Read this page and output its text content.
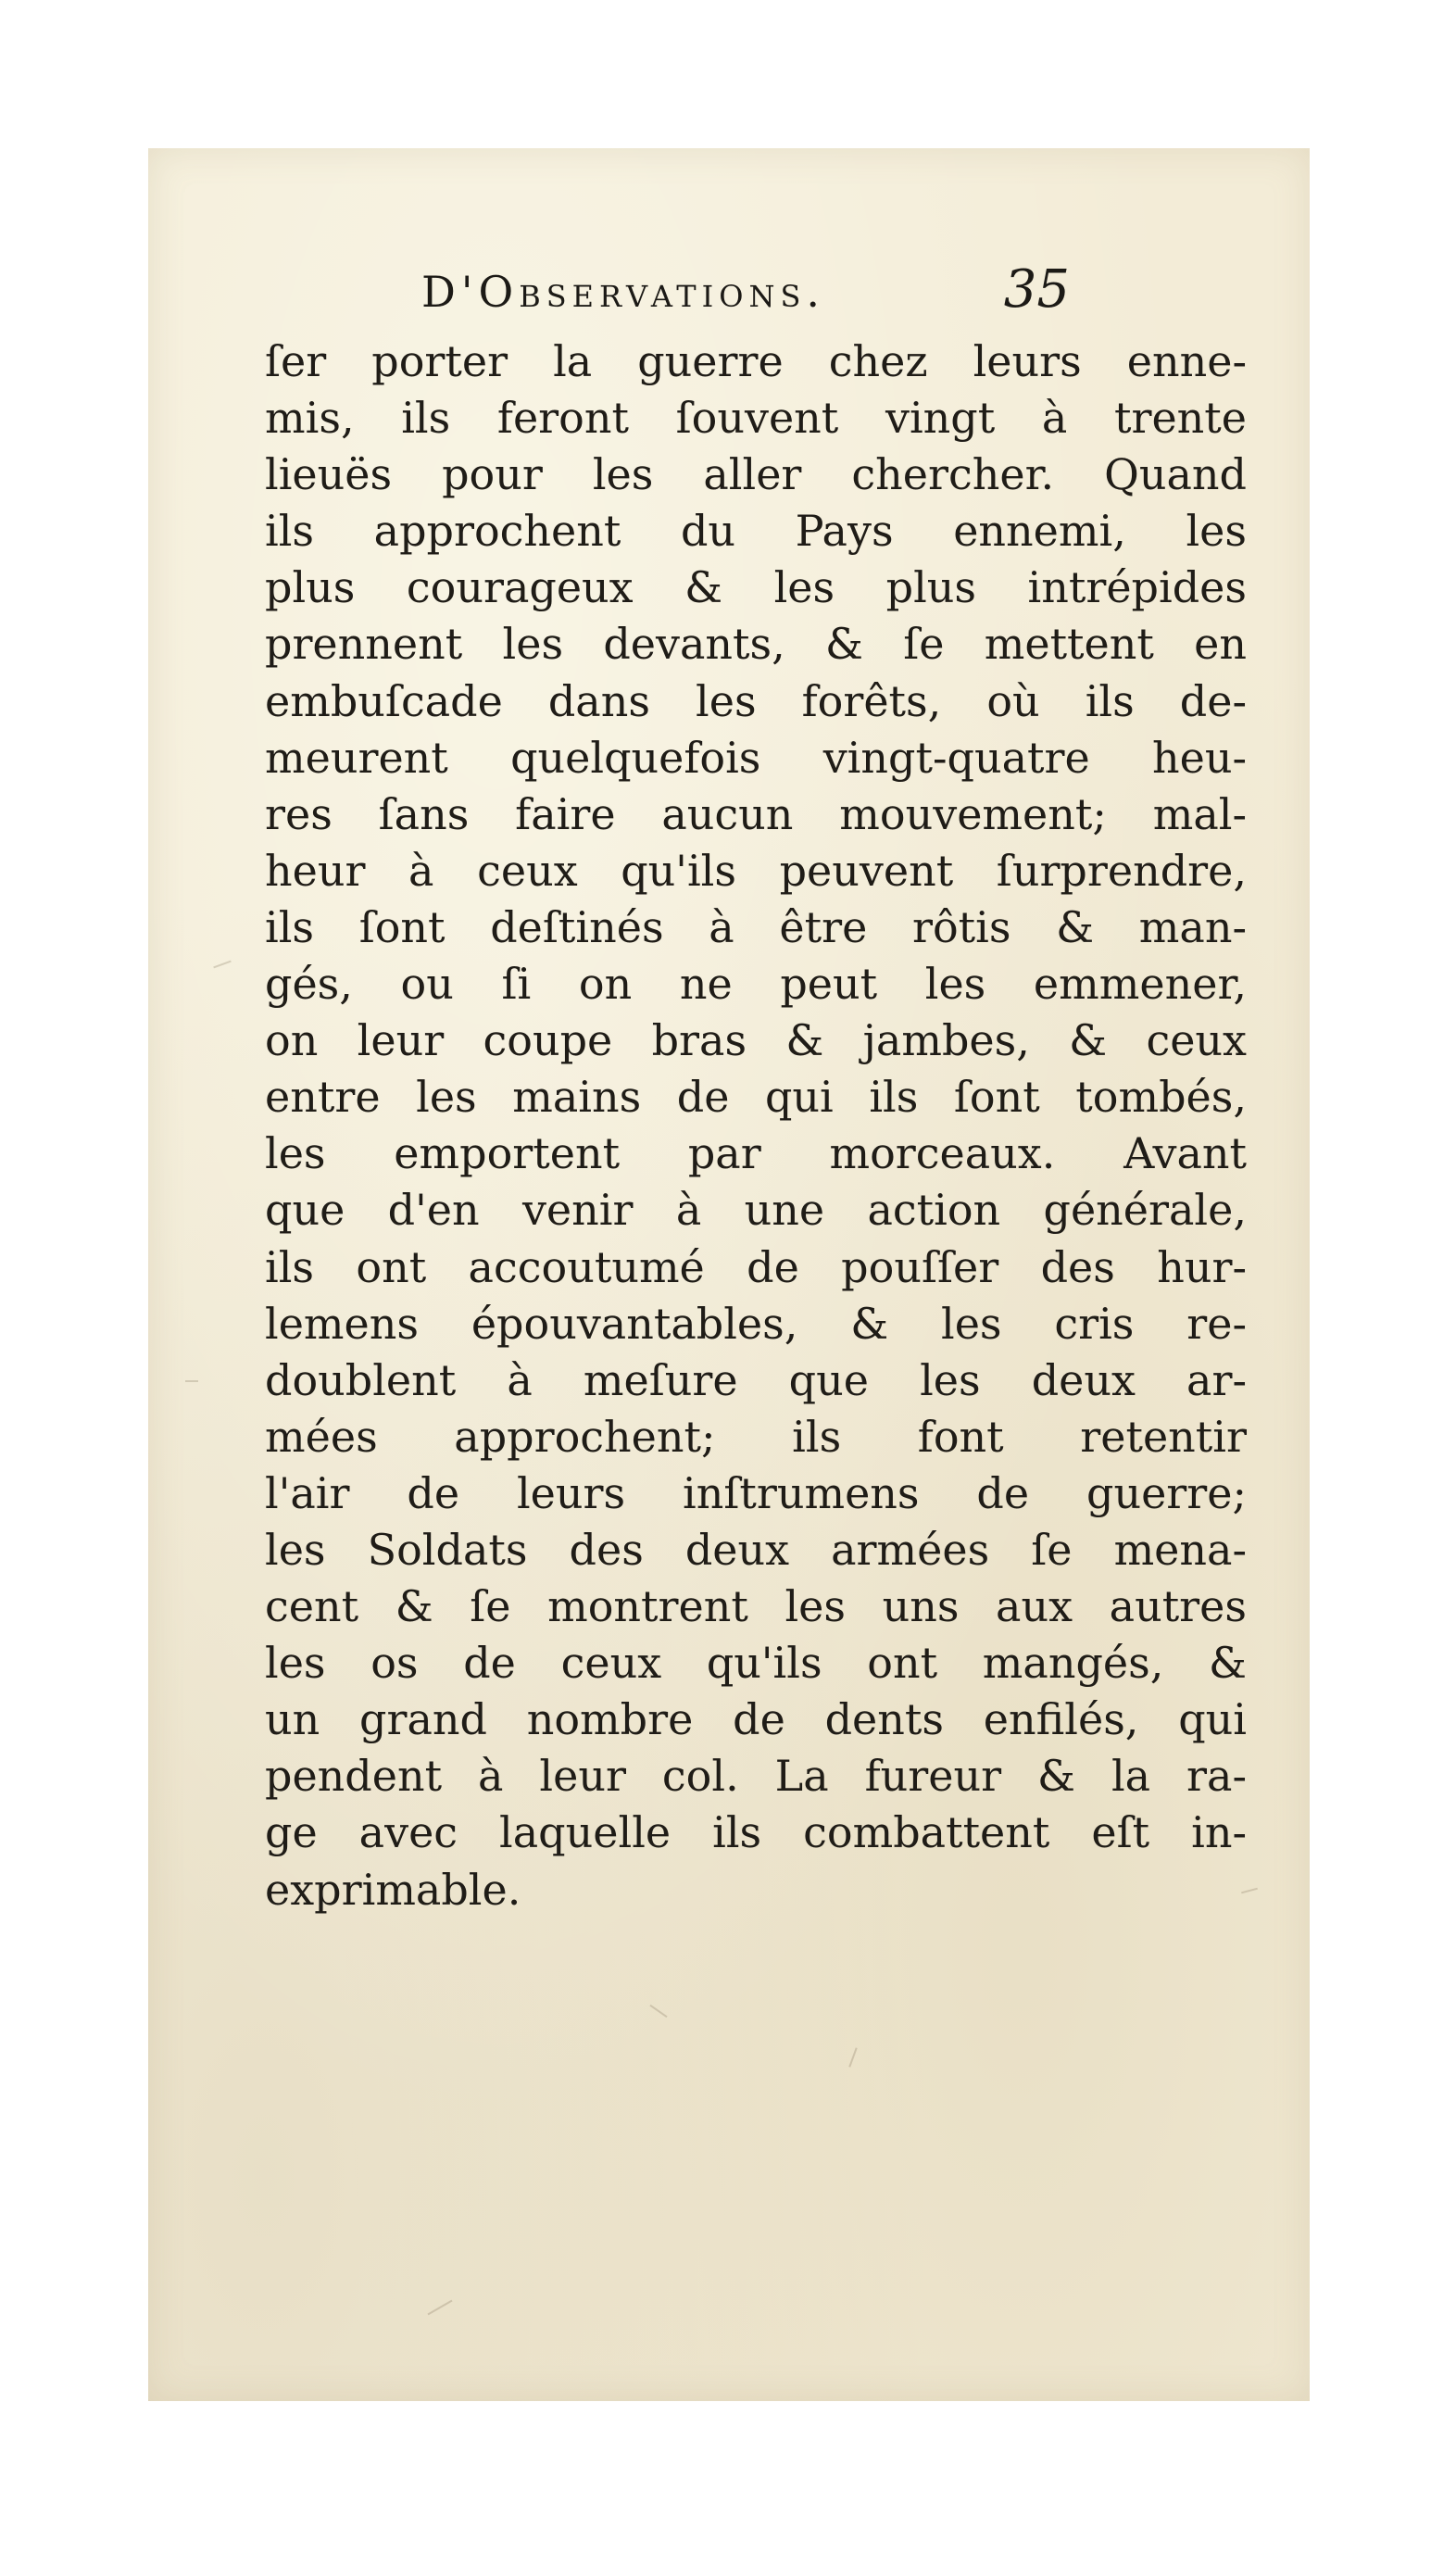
D'Observations.	35
ſer porter la guerre chez leurs enne-
mis, ils feront ſouvent vingt à trente
lieuës pour les aller chercher. Quand
ils approchent du Pays ennemi, les
plus courageux & les plus intrépides
prennent les devants, & ſe mettent en
embuſcade dans les forêts, où ils de-
meurent quelquefois vingt-quatre heu-
res ſans faire aucun mouvement; mal-
heur à ceux qu'ils peuvent ſurprendre,
ils ſont deſtinés à être rôtis & man-
gés, ou ſi on ne peut les emmener,
on leur coupe bras & jambes, & ceux
entre les mains de qui ils ſont tombés,
les emportent par morceaux. Avant
que d'en venir à une action générale,
ils ont accoutumé de pouſſer des hur-
lemens épouvantables, & les cris re-
doublent à meſure que les deux ar-
mées approchent; ils font retentir
l'air de leurs inſtrumens de guerre;
les Soldats des deux armées ſe mena-
cent & ſe montrent les uns aux autres
les os de ceux qu'ils ont mangés, &
un grand nombre de dents enfilés, qui
pendent à leur col. La fureur & la ra-
ge avec laquelle ils combattent eſt in-
exprimable.
